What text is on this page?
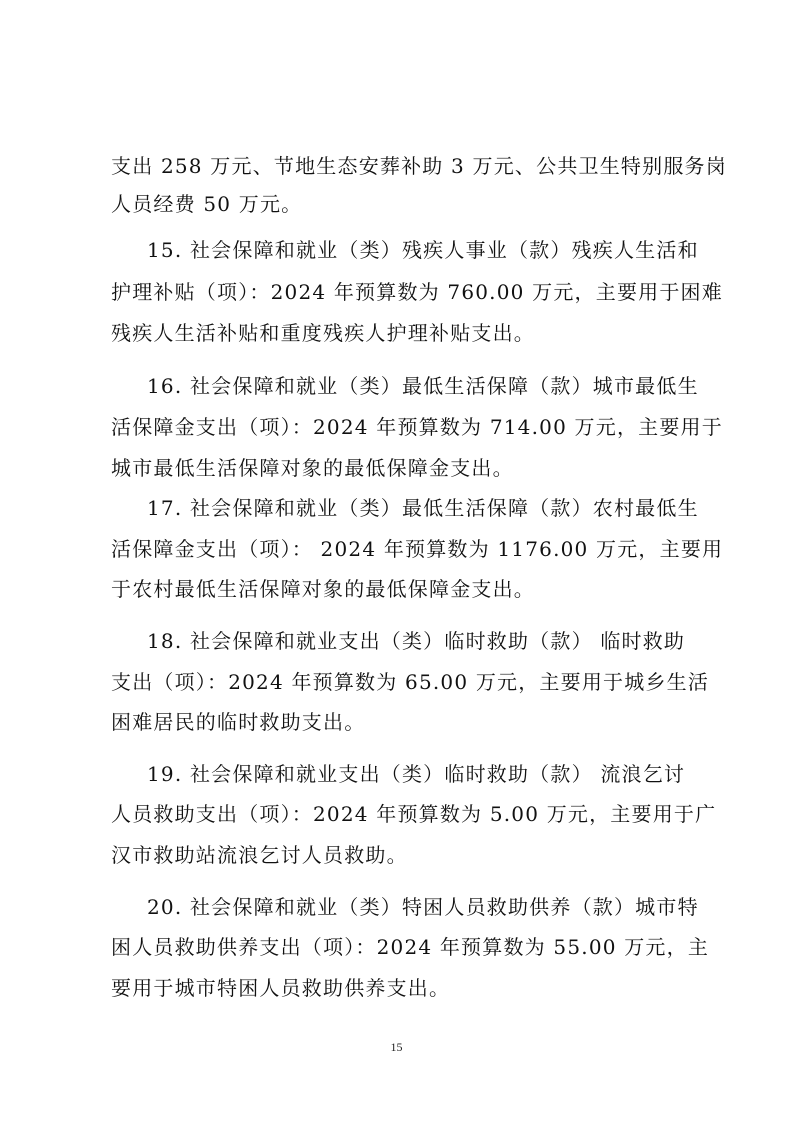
支出 258 万元、节地生态安葬补助 3 万元、公共卫生特别服务岗
人员经费 50 万元。
15. 社会保障和就业（类）残疾人事业（款）残疾人生活和
护理补贴（项）：2024 年预算数为 760.00 万元，主要用于困难
残疾人生活补贴和重度残疾人护理补贴支出。
16. 社会保障和就业（类）最低生活保障（款）城市最低生
活保障金支出（项）：2024 年预算数为 714.00 万元，主要用于
城市最低生活保障对象的最低保障金支出。
17. 社会保障和就业（类）最低生活保障（款）农村最低生
活保障金支出（项）： 2024 年预算数为 1176.00 万元，主要用
于农村最低生活保障对象的最低保障金支出。
18. 社会保障和就业支出（类）临时救助（款） 临时救助
支出（项）：2024 年预算数为 65.00 万元，主要用于城乡生活
困难居民的临时救助支出。
19. 社会保障和就业支出（类）临时救助（款） 流浪乞讨
人员救助支出（项）：2024 年预算数为 5.00 万元，主要用于广
汉市救助站流浪乞讨人员救助。
20. 社会保障和就业（类）特困人员救助供养（款）城市特
困人员救助供养支出（项）：2024 年预算数为 55.00 万元，主
要用于城市特困人员救助供养支出。
15
